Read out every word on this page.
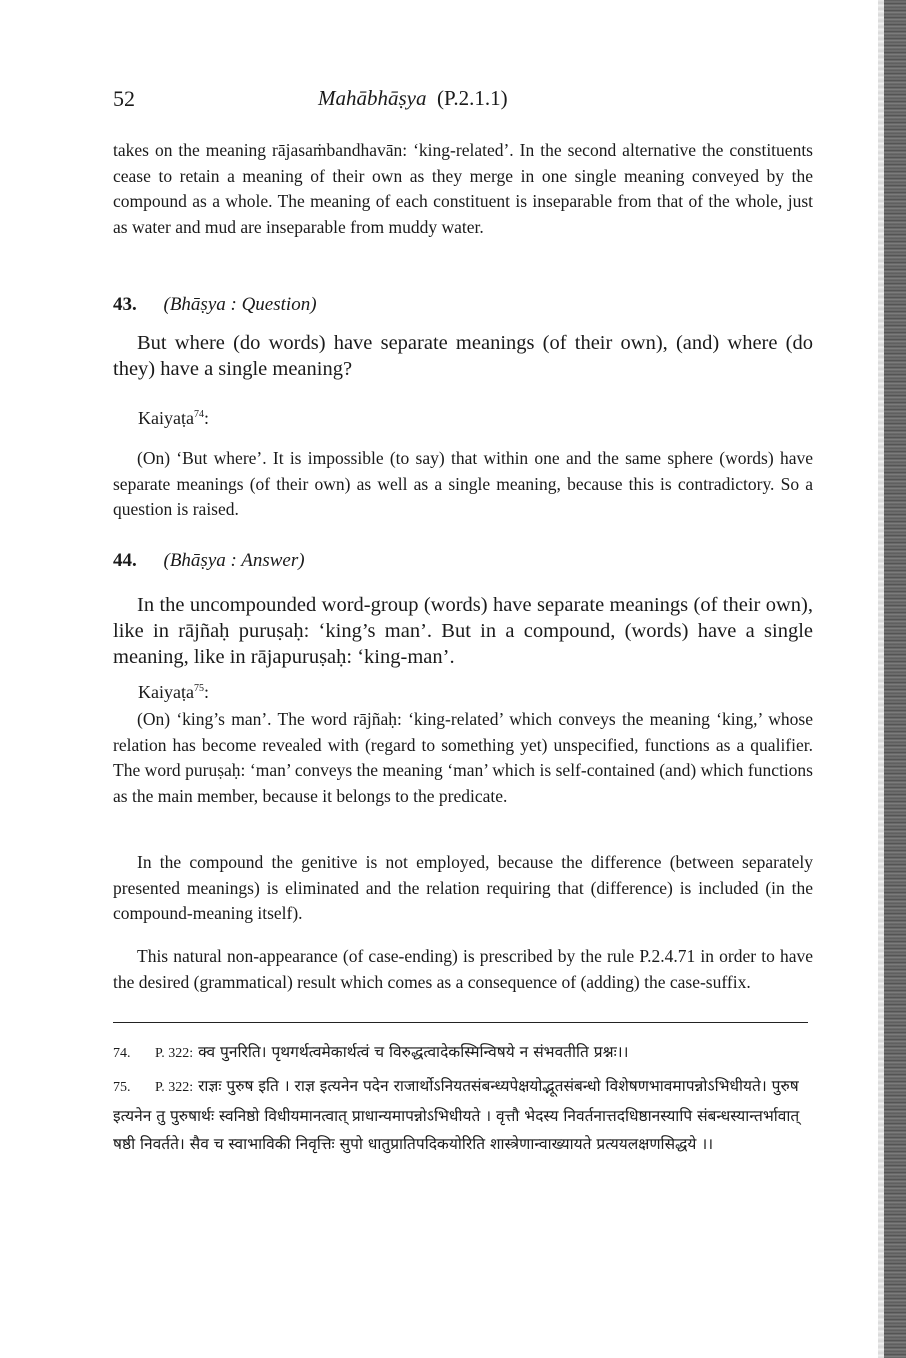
52	Mahābhāṣya (P.2.1.1)

takes on the meaning rājasaṁbandhavān: ‘king-related’. In the second alternative the constituents cease to retain a meaning of their own as they merge in one single meaning conveyed by the compound as a whole. The meaning of each constituent is inseparable from that of the whole, just as water and mud are inseparable from muddy water.

43. (Bhāṣya : Question)

But where (do words) have separate meanings (of their own), (and) where (do they) have a single meaning?

Kaiyaṭa$^{74}$:

(On) ‘But where’. It is impossible (to say) that within one and the same sphere (words) have separate meanings (of their own) as well as a single meaning, because this is contradictory. So a question is raised.

44. (Bhāṣya : Answer)

In the uncompounded word-group (words) have separate meanings (of their own), like in rājñaḥ puruṣaḥ: ‘king’s man’. But in a compound, (words) have a single meaning, like in rājapuruṣaḥ: ‘king-man’.

Kaiyaṭa$^{75}$:

(On) ‘king’s man’. The word rājñaḥ: ‘king-related’ which conveys the meaning ‘king,’ whose relation has become revealed with (regard to something yet) unspecified, functions as a qualifier. The word puruṣaḥ: ‘man’ conveys the meaning ‘man’ which is self-contained (and) which functions as the main member, because it belongs to the predicate.

In the compound the genitive is not employed, because the difference (between separately presented meanings) is eliminated and the relation requiring that (difference) is included (in the compound-meaning itself).

This natural non-appearance (of case-ending) is prescribed by the rule P.2.4.71 in order to have the desired (grammatical) result which comes as a consequence of (adding) the case-suffix.

74. P. 322: क्व पुनरिति। पृथगर्थत्वमेकार्थत्वं च विरुद्धत्वादेकस्मिन्विषये न संभवतीति प्रश्नः।।
75. P. 322: राज्ञः पुरुष इति । राज्ञ इत्यनेन पदेन राजार्थोऽनियतसंबन्ध्यपेक्षयोद्भूतसंबन्धो विशेषणभावमापन्नोऽभिधीयते। पुरुष इत्यनेन तु पुरुषार्थः स्वनिष्ठो विधीयमानत्वात् प्राधान्यमापन्नोऽभिधीयते । वृत्तौ भेदस्य निवर्तनात्तदधिष्ठानस्यापि संबन्धस्यान्तर्भावात् षष्ठी निवर्तते। सैव च स्वाभाविकी निवृत्तिः सुपो धातुप्रातिपदिकयोरिति शास्त्रेणान्वाख्यायते प्रत्ययलक्षणसिद्धये ।।
